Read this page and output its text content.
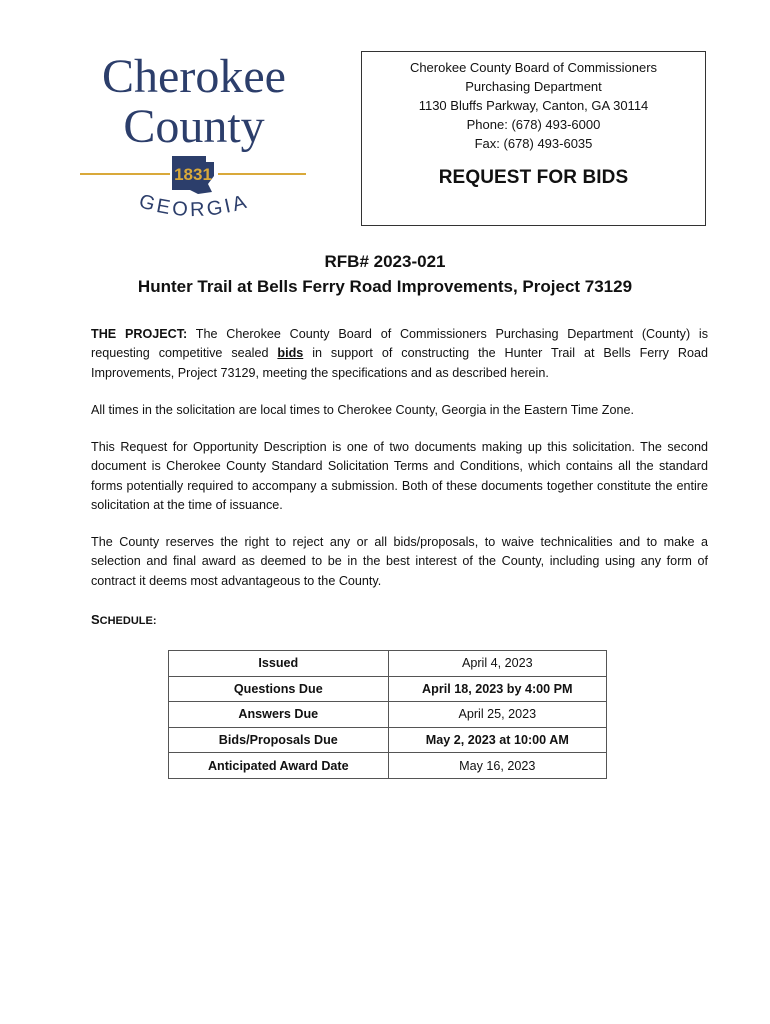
Cherokee
County
1831
GEORGIA
Cherokee County Board of Commissioners
Purchasing Department
1130 Bluffs Parkway, Canton, GA 30114
Phone: (678) 493-6000
Fax: (678) 493-6035
REQUEST FOR BIDS
RFB# 2023-021
Hunter Trail at Bells Ferry Road Improvements, Project 73129
THE PROJECT: The Cherokee County Board of Commissioners Purchasing Department (County) is requesting competitive sealed bids in support of constructing the Hunter Trail at Bells Ferry Road Improvements, Project 73129, meeting the specifications and as described herein.
All times in the solicitation are local times to Cherokee County, Georgia in the Eastern Time Zone.
This Request for Opportunity Description is one of two documents making up this solicitation. The second document is Cherokee County Standard Solicitation Terms and Conditions, which contains all the standard forms potentially required to accompany a submission. Both of these documents together constitute the entire solicitation at the time of issuance.
The County reserves the right to reject any or all bids/proposals, to waive technicalities and to make a selection and final award as deemed to be in the best interest of the County, including using any form of contract it deems most advantageous to the County.
SCHEDULE:
Issued	April 4, 2023
Questions Due	April 18, 2023 by 4:00 PM
Answers Due	April 25, 2023
Bids/Proposals Due	May 2, 2023 at 10:00 AM
Anticipated Award Date	May 16, 2023
